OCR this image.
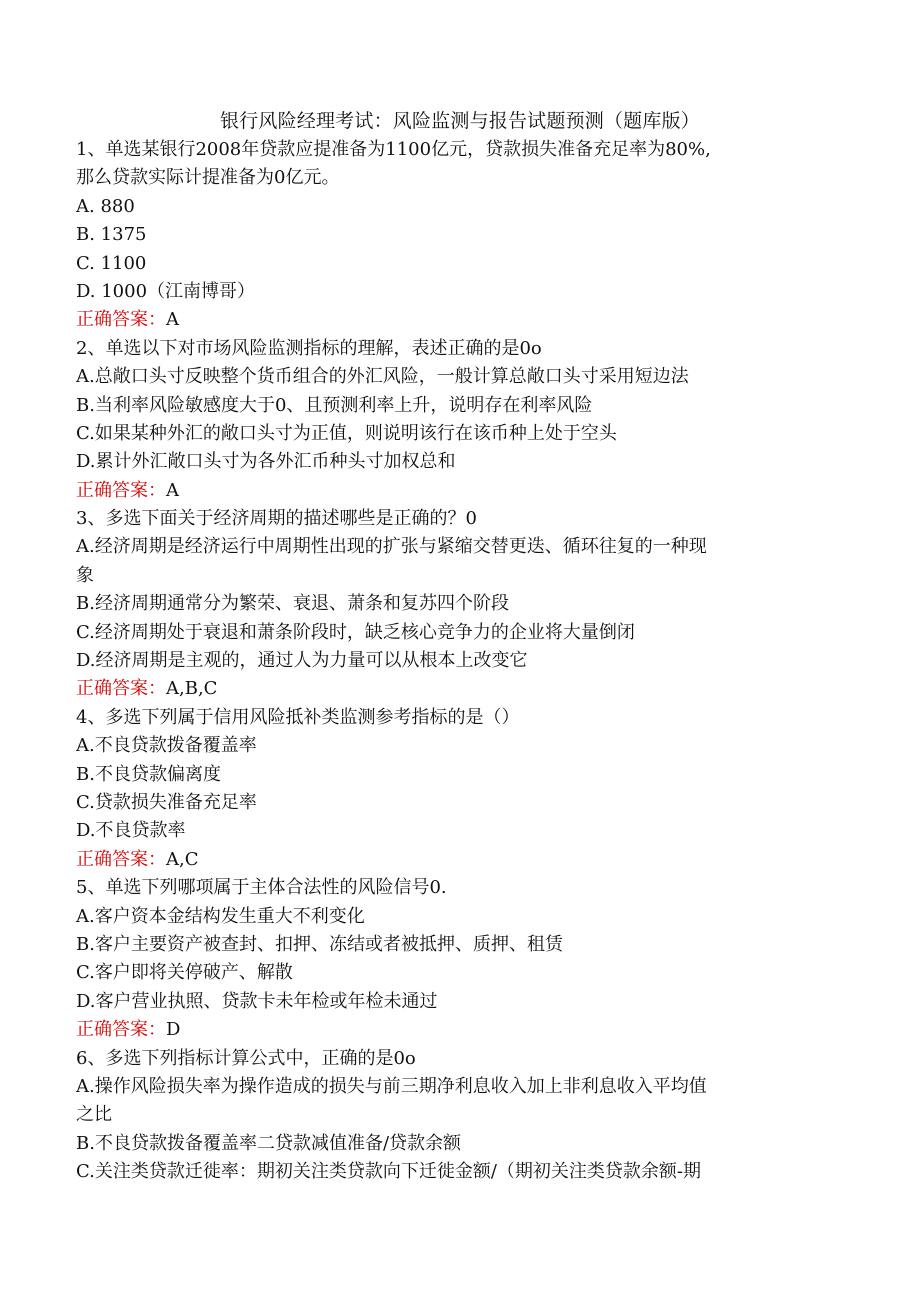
银行风险经理考试：风险监测与报告试题预测（题库版）
1、单选某银行2008年贷款应提准备为1100亿元，贷款损失准备充足率为80%,
那么贷款实际计提准备为0亿元。
A. 880
B. 1375
C. 1100
D. 1000（江南博哥）
正确答案：A
2、单选以下对市场风险监测指标的理解，表述正确的是0o
A.总敞口头寸反映整个货币组合的外汇风险，一般计算总敞口头寸采用短边法
B.当利率风险敏感度大于0、且预测利率上升，说明存在利率风险
C.如果某种外汇的敞口头寸为正值，则说明该行在该币种上处于空头
D.累计外汇敞口头寸为各外汇币种头寸加权总和
正确答案：A
3、多选下面关于经济周期的描述哪些是正确的？0
A.经济周期是经济运行中周期性出现的扩张与紧缩交替更迭、循环往复的一种现
象
B.经济周期通常分为繁荣、衰退、萧条和复苏四个阶段
C.经济周期处于衰退和萧条阶段时，缺乏核心竞争力的企业将大量倒闭
D.经济周期是主观的，通过人为力量可以从根本上改变它
正确答案：A,B,C
4、多选下列属于信用风险抵补类监测参考指标的是（）
A.不良贷款拨备覆盖率
B.不良贷款偏离度
C.贷款损失准备充足率
D.不良贷款率
正确答案：A,C
5、单选下列哪项属于主体合法性的风险信号0.
A.客户资本金结构发生重大不利变化
B.客户主要资产被查封、扣押、冻结或者被抵押、质押、租赁
C.客户即将关停破产、解散
D.客户营业执照、贷款卡未年检或年检未通过
正确答案：D
6、多选下列指标计算公式中，正确的是0o
A.操作风险损失率为操作造成的损失与前三期净利息收入加上非利息收入平均值
之比
B.不良贷款拨备覆盖率二贷款减值准备/贷款余额
C.关注类贷款迁徙率：期初关注类贷款向下迁徙金额/（期初关注类贷款余额-期
